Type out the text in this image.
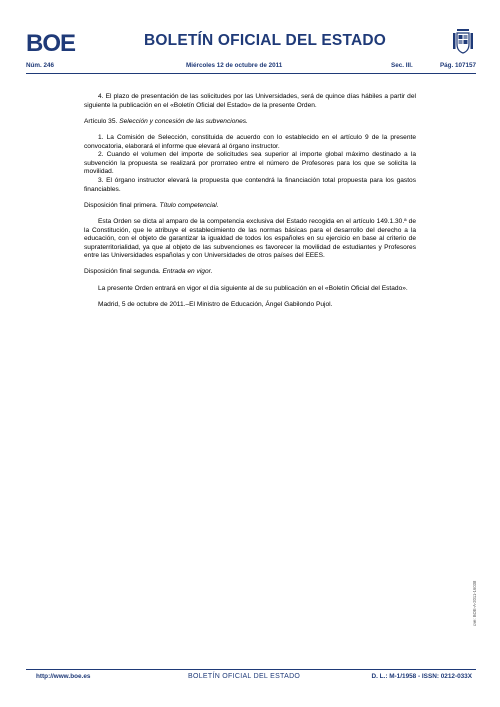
BOE	BOLETÍN OFICIAL DEL ESTADO
Núm. 246	Miércoles 12 de octubre de 2011	Sec. III.	Pág. 107157

4. El plazo de presentación de las solicitudes por las Universidades, será de quince días hábiles a partir del siguiente la publicación en el «Boletín Oficial del Estado» de la presente Orden.

Artículo 35. Selección y concesión de las subvenciones.

1. La Comisión de Selección, constituida de acuerdo con lo establecido en el artículo 9 de la presente convocatoria, elaborará el informe que elevará al órgano instructor.

2. Cuando el volumen del importe de solicitudes sea superior al importe global máximo destinado a la subvención la propuesta se realizará por prorrateo entre el número de Profesores para los que se solicita la movilidad.

3. El órgano instructor elevará la propuesta que contendrá la financiación total propuesta para los gastos financiables.

Disposición final primera. Título competencial.

Esta Orden se dicta al amparo de la competencia exclusiva del Estado recogida en el artículo 149.1.30.ª de la Constitución, que le atribuye el establecimiento de las normas básicas para el desarrollo del derecho a la educación, con el objeto de garantizar la igualdad de todos los españoles en su ejercicio en base al criterio de supraterritorialidad, ya que al objeto de las subvenciones es favorecer la movilidad de estudiantes y Profesores entre las Universidades españolas y con Universidades de otros países del EEES.

Disposición final segunda. Entrada en vigor.

La presente Orden entrará en vigor el día siguiente al de su publicación en el «Boletín Oficial del Estado».

Madrid, 5 de octubre de 2011.–El Ministro de Educación, Ángel Gabilondo Pujol.

cve: BOE-A-2011-16038
http://www.boe.es	BOLETÍN OFICIAL DEL ESTADO	D. L.: M-1/1958 - ISSN: 0212-033X
